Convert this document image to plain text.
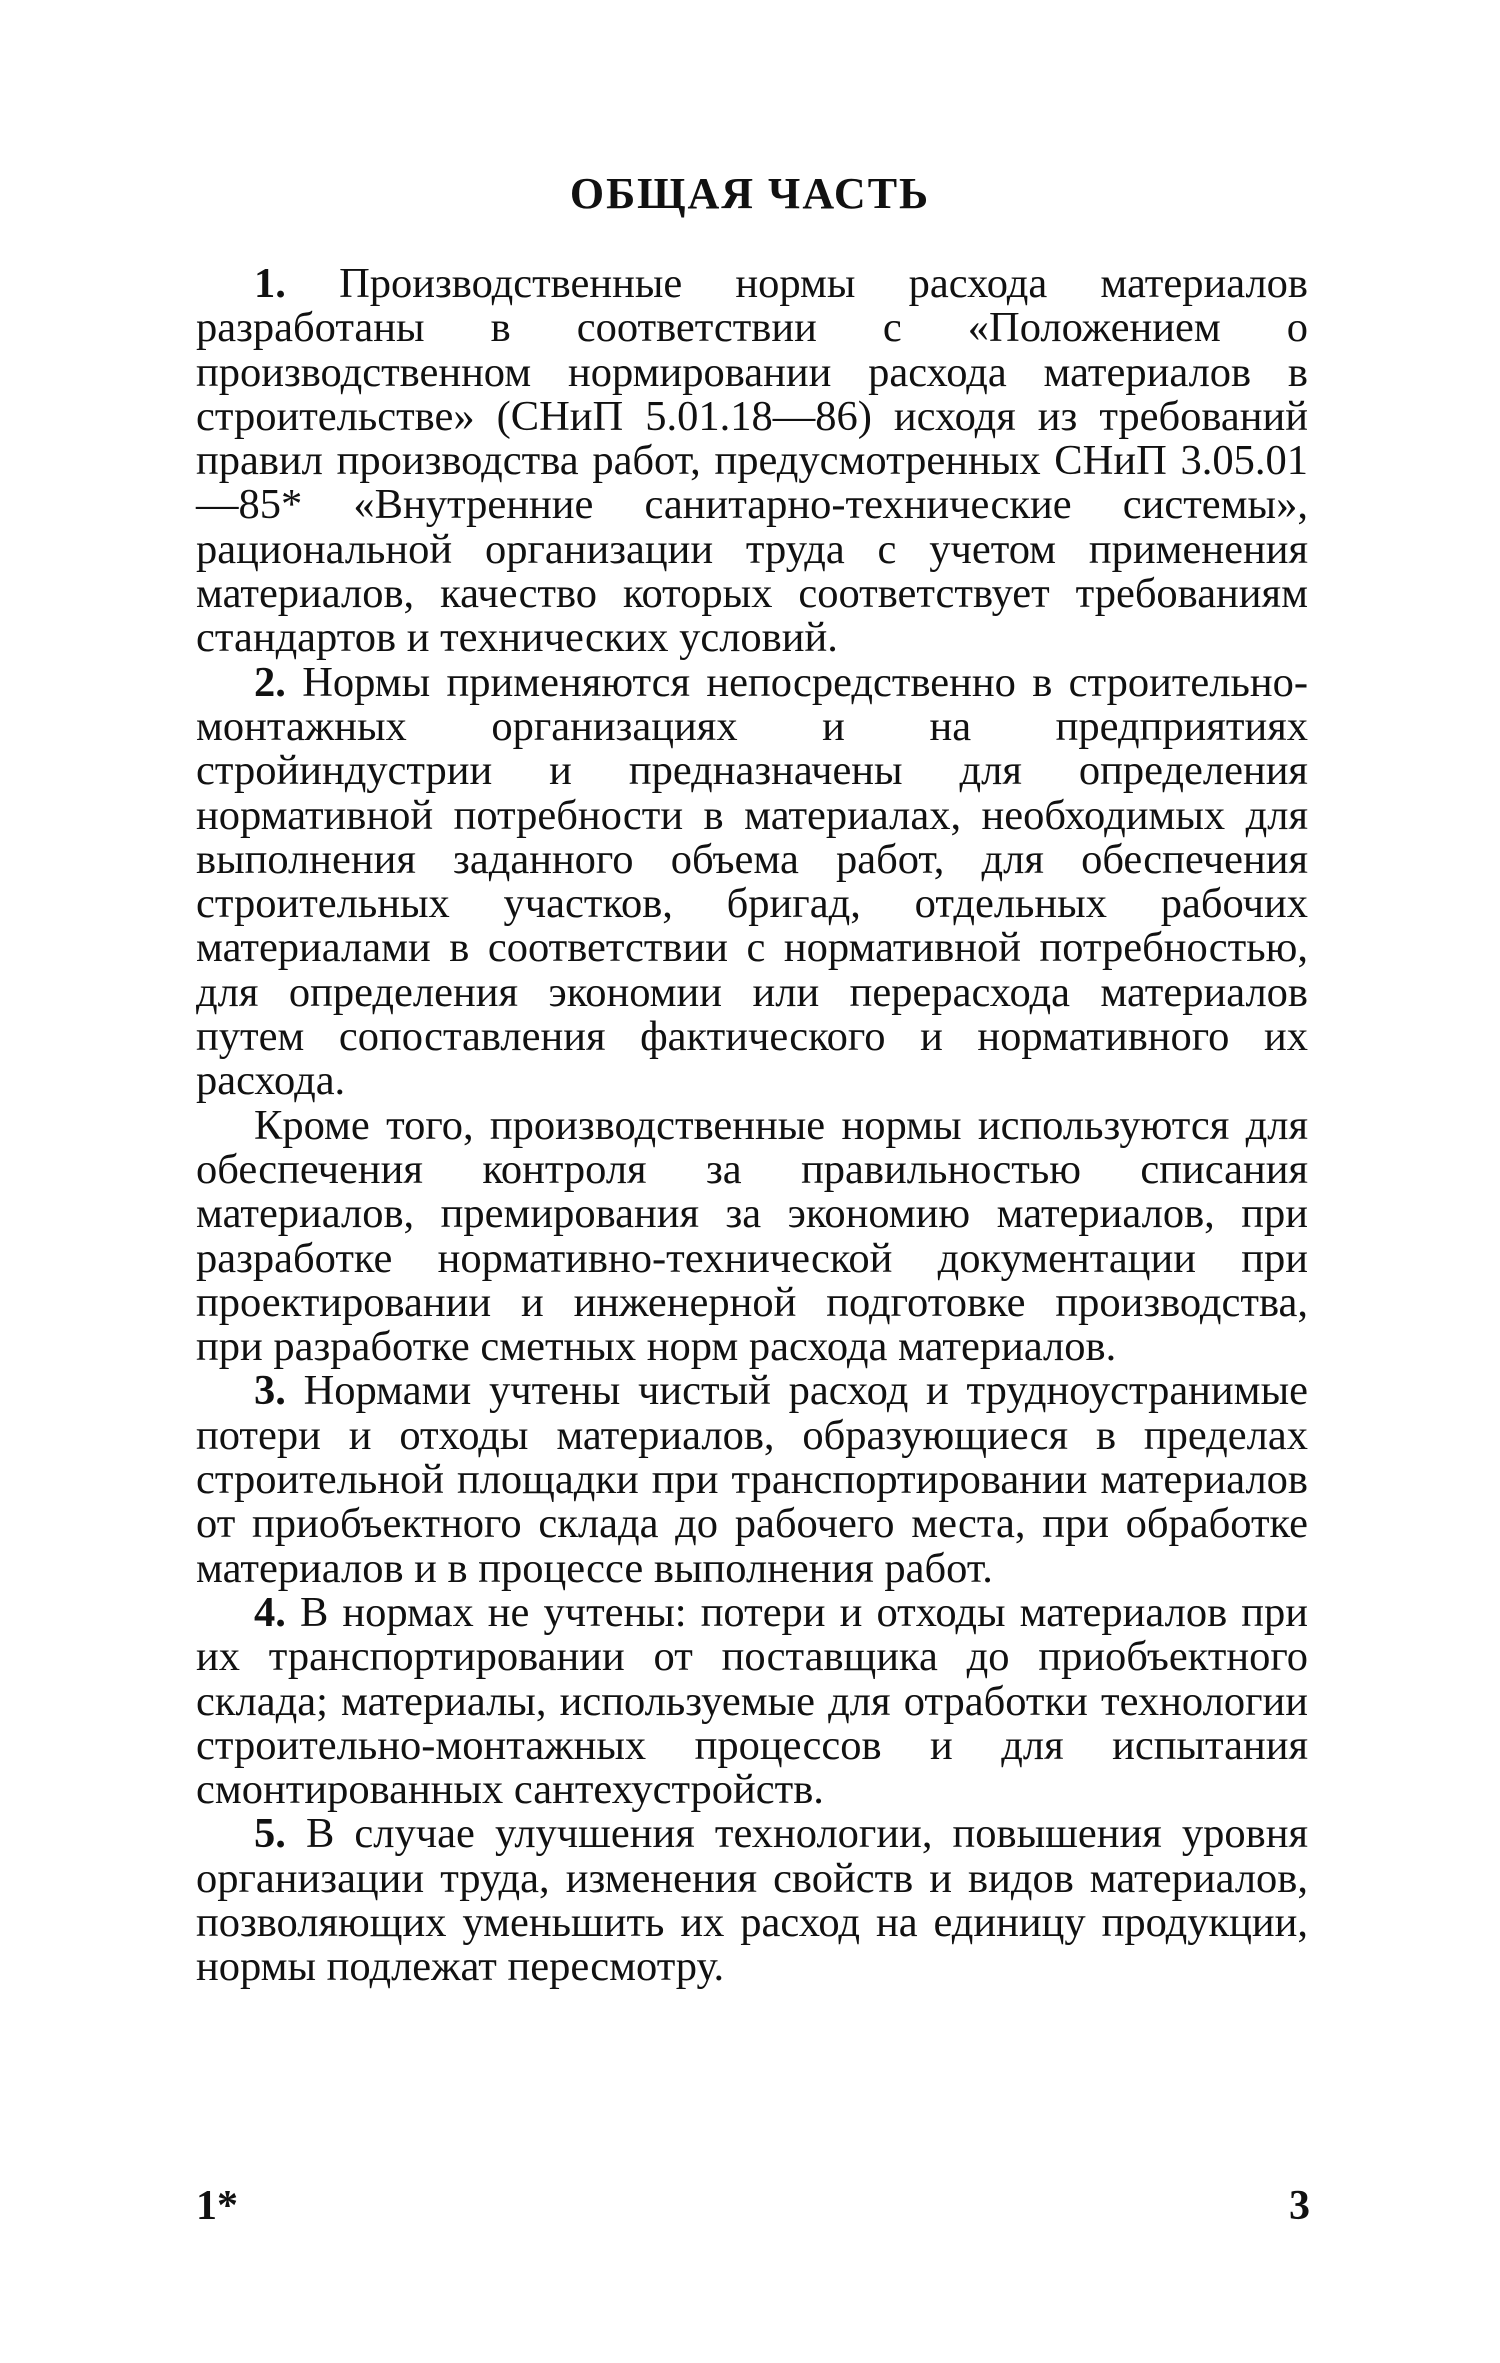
ОБЩАЯ ЧАСТЬ

1. Производственные нормы расхода материалов разработаны в соответствии с «Положением о производственном нормировании расхода материалов в строительстве» (СНиП 5.01.18—86) исходя из требований правил производства работ, предусмотренных СНиП 3.05.01—85* «Внутренние санитарно-технические системы», рациональной организации труда с учетом применения материалов, качество которых соответствует требованиям стандартов и технических условий.

2. Нормы применяются непосредственно в строительно-монтажных организациях и на предприятиях стройиндустрии и предназначены для определения нормативной потребности в материалах, необходимых для выполнения заданного объема работ, для обеспечения строительных участков, бригад, отдельных рабочих материалами в соответствии с нормативной потребностью, для определения экономии или перерасхода материалов путем сопоставления фактического и нормативного их расхода.

Кроме того, производственные нормы используются для обеспечения контроля за правильностью списания материалов, премирования за экономию материалов, при разработке нормативно-технической документации при проектировании и инженерной подготовке производства, при разработке сметных норм расхода материалов.

3. Нормами учтены чистый расход и трудноустранимые потери и отходы материалов, образующиеся в пределах строительной площадки при транспортировании материалов от приобъектного склада до рабочего места, при обработке материалов и в процессе выполнения работ.

4. В нормах не учтены: потери и отходы материалов при их транспортировании от поставщика до приобъектного склада; материалы, используемые для отработки технологии строительно-монтажных процессов и для испытания смонтированных сантехустройств.

5. В случае улучшения технологии, повышения уровня организации труда, изменения свойств и видов материалов, позволяющих уменьшить их расход на единицу продукции, нормы подлежат пересмотру.

1*	3
